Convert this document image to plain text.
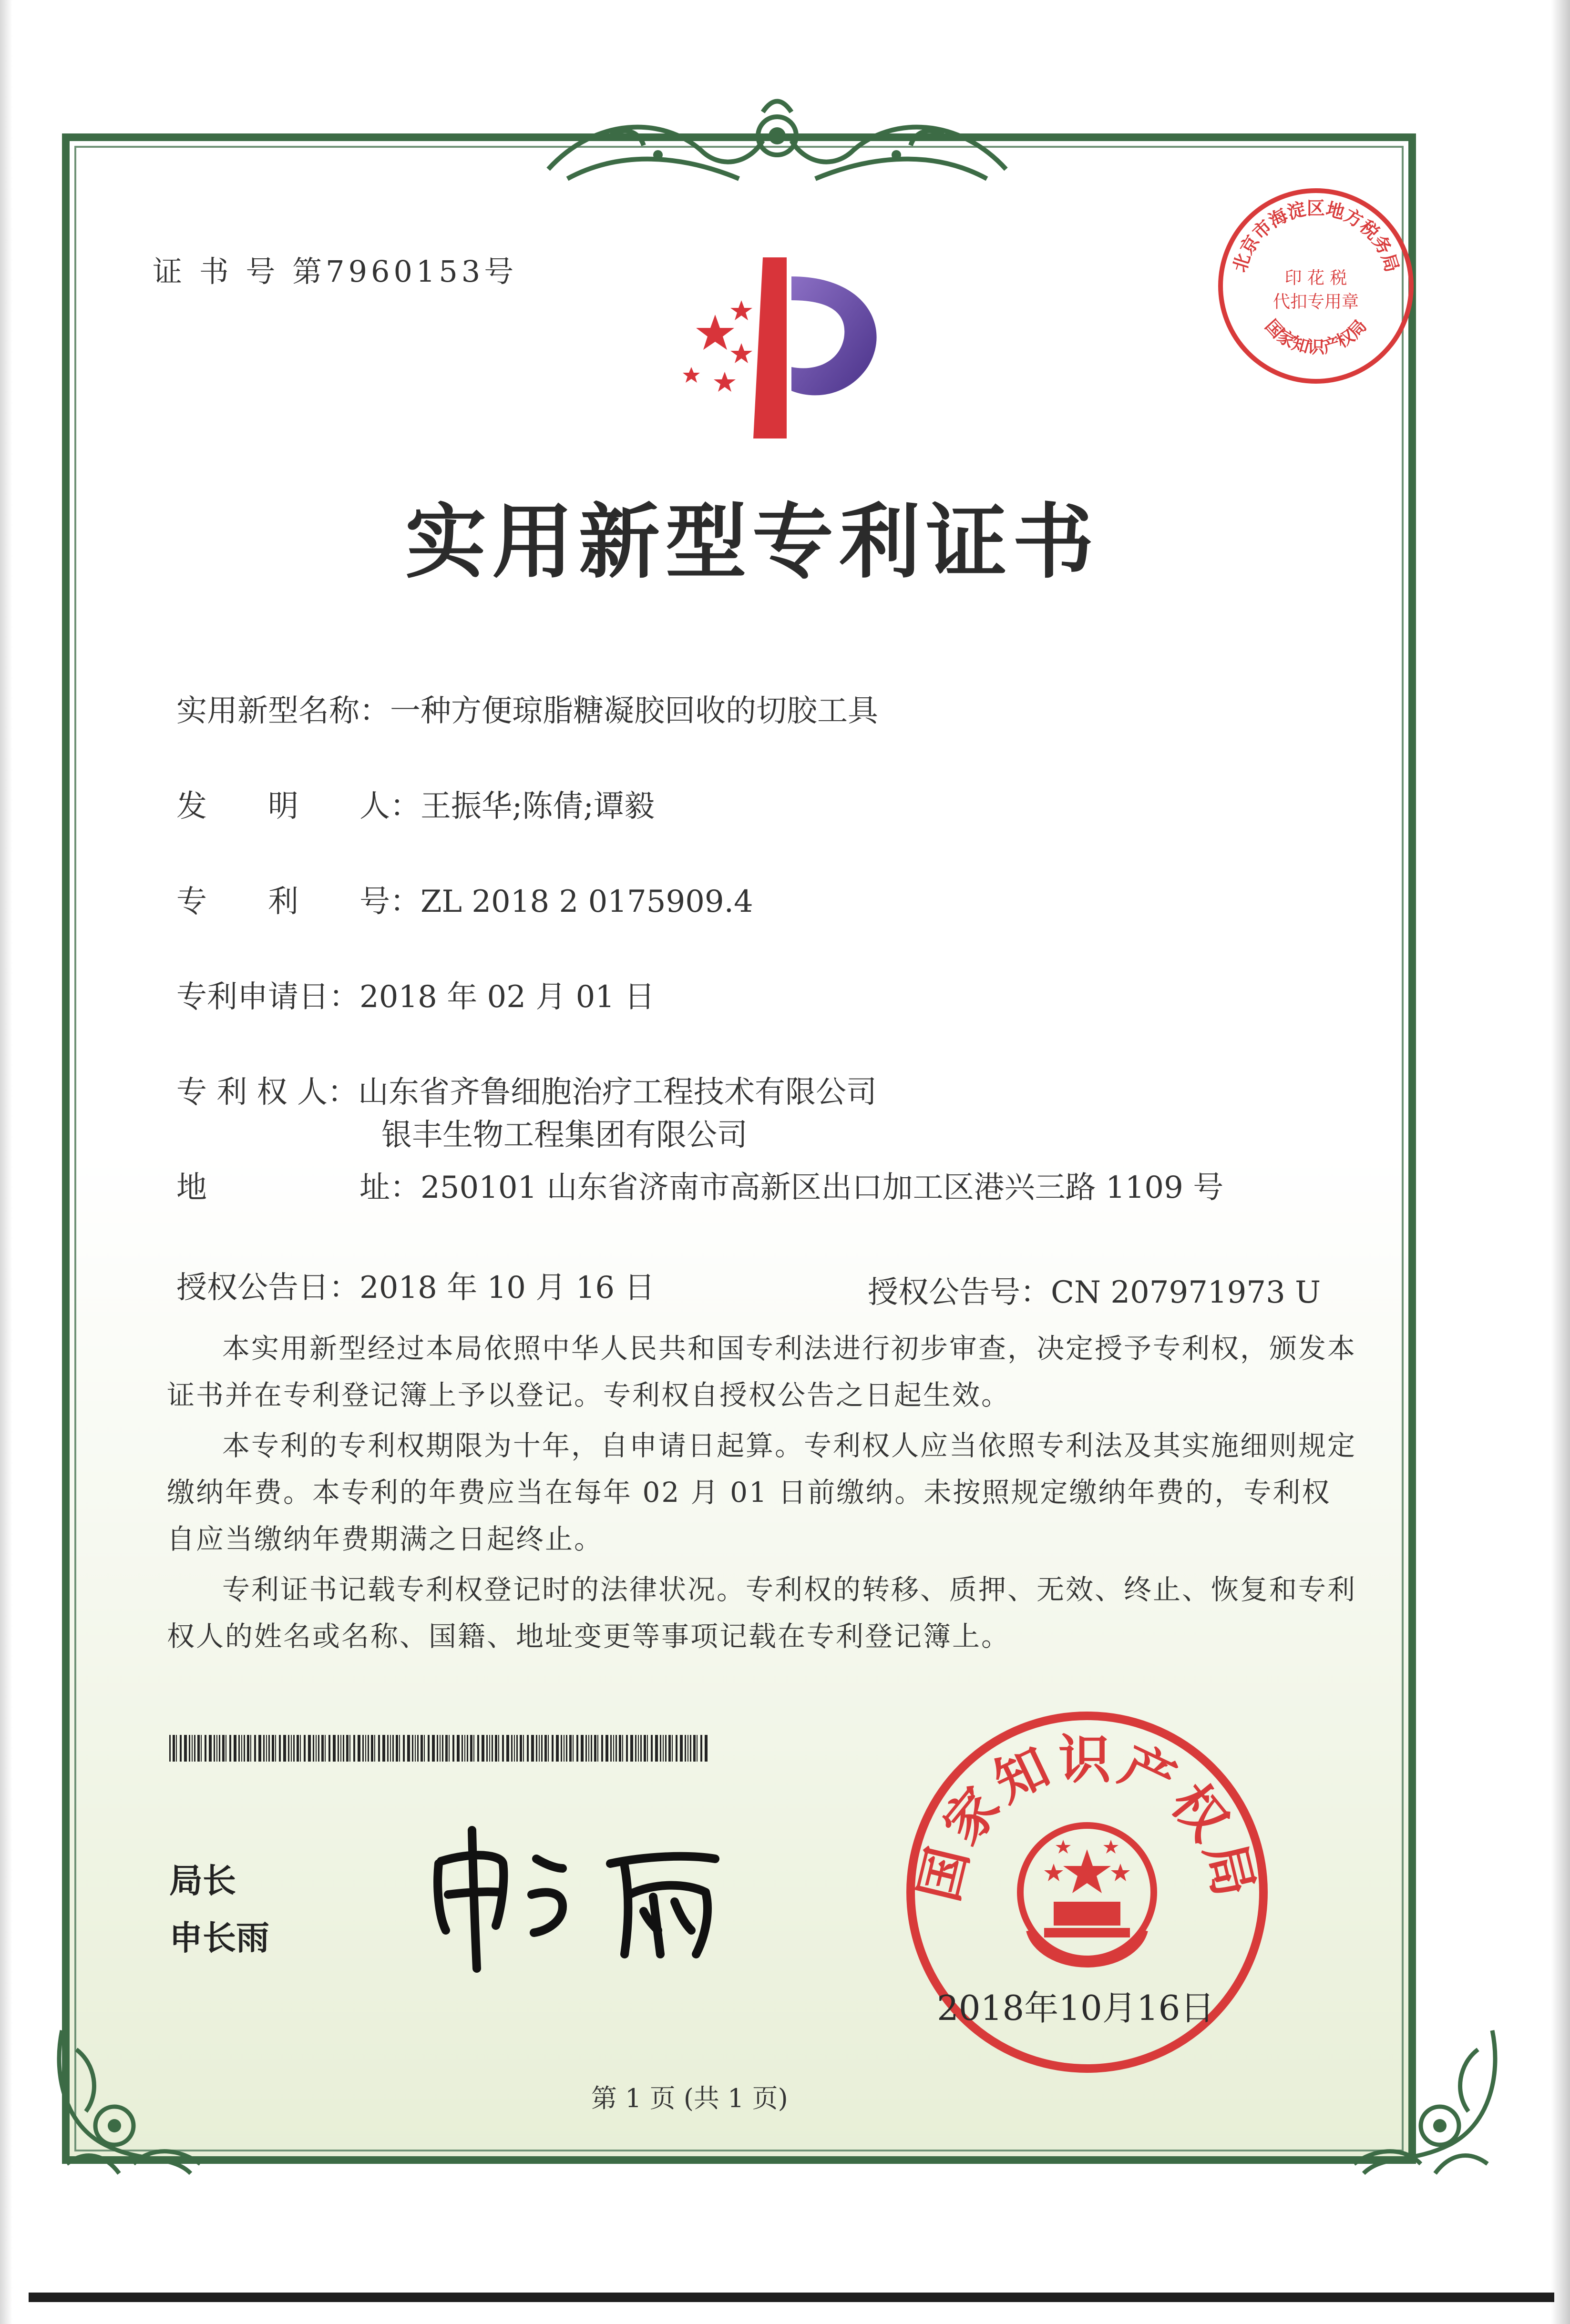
证 书 号 第7960153号
实用新型专利证书
北京市海淀区地方税务局
印 花 税
代扣专用章
国家知识产权局
实用新型名称：一种方便琼脂糖凝胶回收的切胶工具
发　　明　　人：王振华;陈倩;谭毅
专　　利　　号：ZL 2018 2 0175909.4
专利申请日：2018 年 02 月 01 日
专 利 权 人：山东省齐鲁细胞治疗工程技术有限公司
银丰生物工程集团有限公司
地　　　　　址：250101 山东省济南市高新区出口加工区港兴三路 1109 号
授权公告日：2018 年 10 月 16 日	授权公告号：CN 207971973 U

本实用新型经过本局依照中华人民共和国专利法进行初步审查，决定授予专利权，颁发本证书并在专利登记簿上予以登记。专利权自授权公告之日起生效。

本专利的专利权期限为十年，自申请日起算。专利权人应当依照专利法及其实施细则规定缴纳年费。本专利的年费应当在每年 02 月 01 日前缴纳。未按照规定缴纳年费的，专利权自应当缴纳年费期满之日起终止。

专利证书记载专利权登记时的法律状况。专利权的转移、质押、无效、终止、恢复和专利权人的姓名或名称、国籍、地址变更等事项记载在专利登记簿上。

局长
申长雨
国家知识产权局
2018年10月16日
第 1 页 (共 1 页)
